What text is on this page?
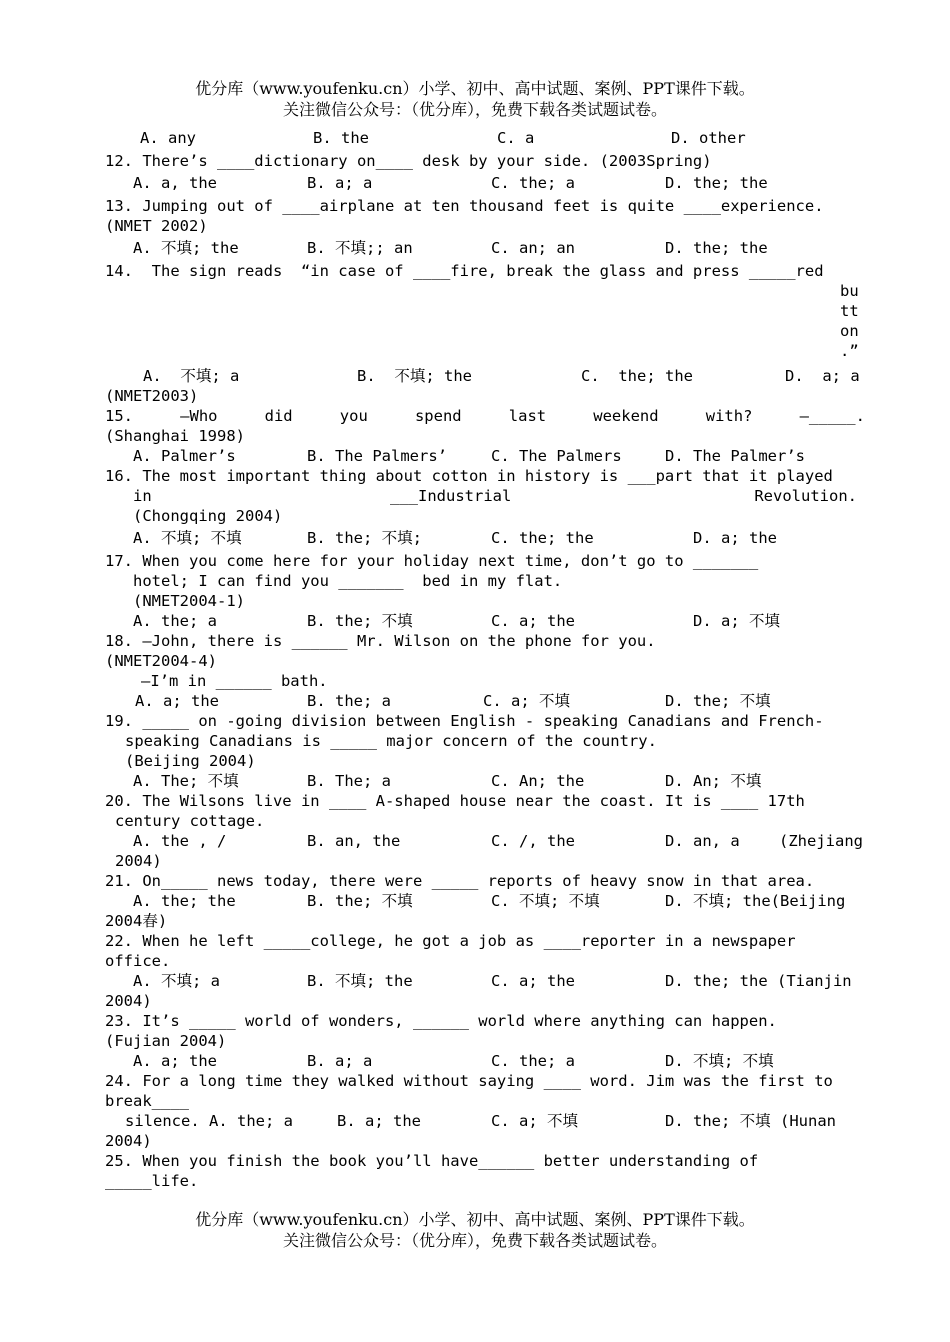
优分库（www.youfenku.cn）小学、初中、高中试题、案例、PPT课件下载。
关注微信公众号：（优分库），免费下载各类试题试卷。

A. any

	B. the

	C. a

	D. other

12. There’s ____dictionary on____ desk by your side. (2003Spring)

A. a, the

	B. a; a

	C. the; a

	D. the; the

13. Jumping out of ____airplane at ten thousand feet is quite ____experience.
(NMET 2002)

A. 不填; the

	B. 不填;; an

	C. an; an

	D. the; the

14.  The sign reads  “in case of ____fire, break the glass and press _____red
bu
tt
on
.”

A.  不填; a

	B.  不填; the

	C.  the; the

	D.  a; a

(NMET2003)
15.	—Who	did	you	spend	last	weekend	with?	—_____.
(Shanghai 1998)

A. Palmer’s

	B. The Palmers’

	C. The Palmers

	D. The Palmer’s

16. The most important thing about cotton in history is ___part that it played

in

	___Industrial

	Revolution.

(Chongqing 2004)

A. 不填; 不填

	B. the; 不填;

	C. the; the

	D. a; the

17. When you come here for your holiday next time, don’t go to _______
hotel; I can find you _______  bed in my flat.
(NMET2004-1)

A. the; a

	B. the; 不填

	C. a; the

	D. a; 不填

18. —John, there is ______ Mr. Wilson on the phone for you.
(NMET2004-4)
—I’m in ______ bath.

A. a; the

	B. the; a

	C. a; 不填

	D. the; 不填

19. _____ on -going division between English - speaking Canadians and French-
speaking Canadians is _____ major concern of the country.
(Beijing 2004)

A. The; 不填

	B. The; a

	C. An; the

	D. An; 不填

20. The Wilsons live in ____ A-shaped house near the coast. It is ____ 17th
century cottage.

A. the , /

	B. an, the

	C. /, the

	D. an, a

	(Zhejiang

2004)
21. On_____ news today, there were _____ reports of heavy snow in that area.

A. the; the

	B. the; 不填

	C. 不填; 不填

	D. 不填; the(Beijing

2004春)
22. When he left _____college, he got a job as ____reporter in a newspaper
office.

A. 不填; a

	B. 不填; the

	C. a; the

	D. the; the (Tianjin

2004)
23. It’s _____ world of wonders, ______ world where anything can happen.
(Fujian 2004)

A. a; the

	B. a; a

	C. the; a

	D. 不填; 不填

24. For a long time they walked without saying ____ word. Jim was the first to
break____

silence. A. the; a

	B. a; the

	C. a; 不填

	D. the; 不填 (Hunan

2004)
25. When you finish the book you’ll have______ better understanding of
_____life.
优分库（www.youfenku.cn）小学、初中、高中试题、案例、PPT课件下载。
关注微信公众号：（优分库），免费下载各类试题试卷。
